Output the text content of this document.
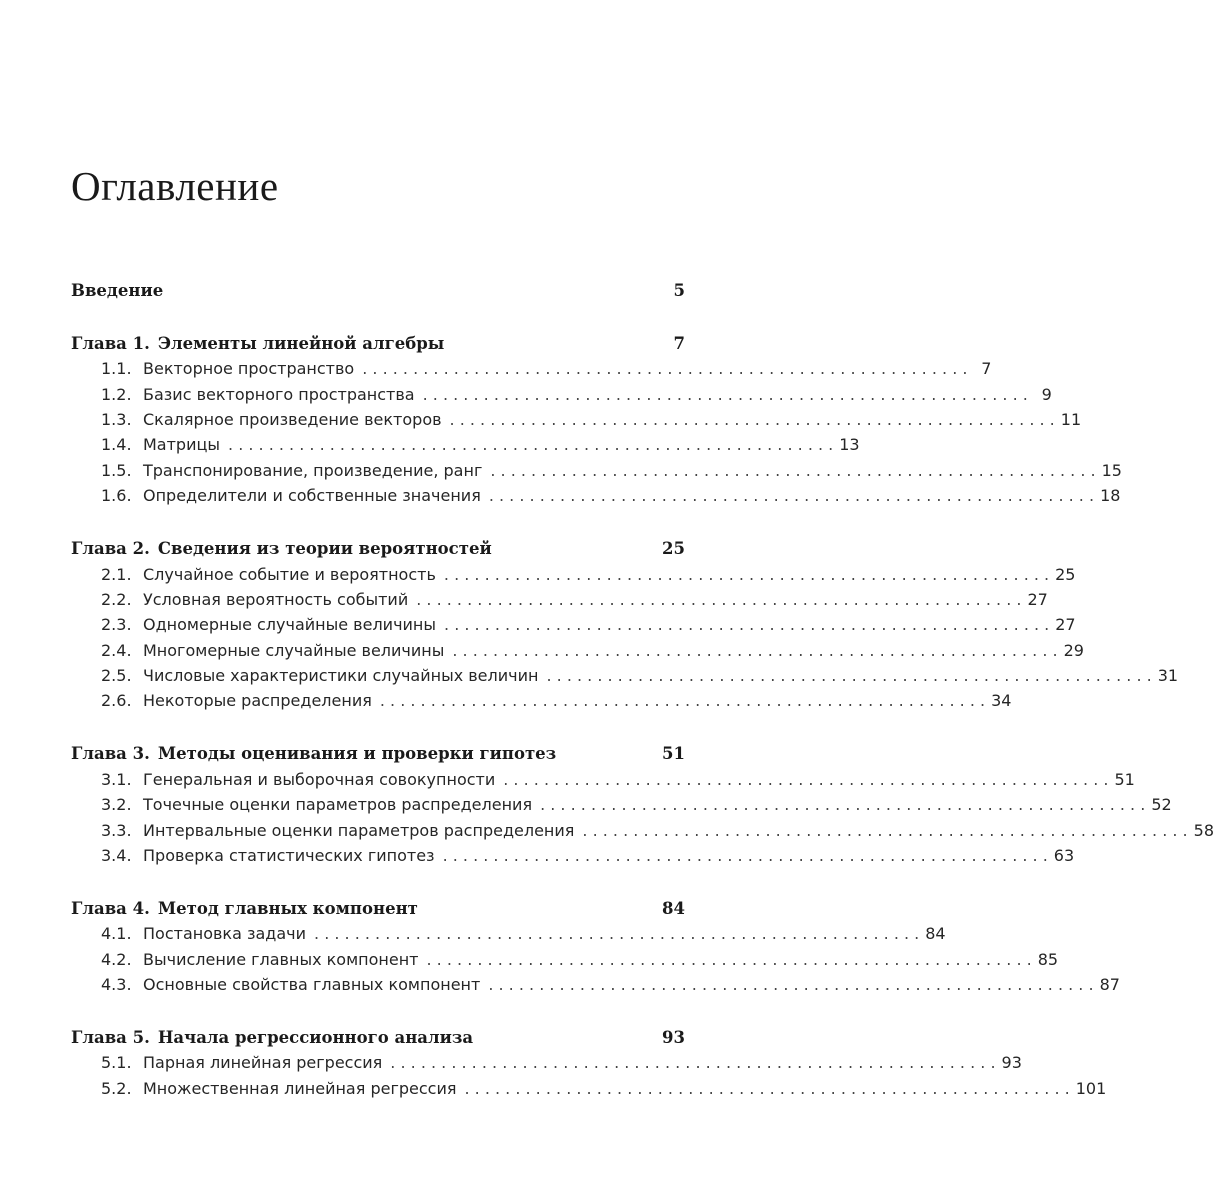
Оглавление
Введение	5
Глава 1. Элементы линейной алгебры	7
1.1. Векторное пространство . . . . . . . . . . . . . . . . . . . . . . . . . . . . . . . . . . . . . . . . . . . . . . . . . . . . . . . . . . . . 7
1.2. Базис векторного пространства . . . . . . . . . . . . . . . . . . . . . . . . . . . . . . . . . . . . . . . . . . . . . . . . . . . . . . . . . . . . 9
1.3. Скалярное произведение векторов . . . . . . . . . . . . . . . . . . . . . . . . . . . . . . . . . . . . . . . . . . . . . . . . . . . . . . . . . . . . 11
1.4. Матрицы . . . . . . . . . . . . . . . . . . . . . . . . . . . . . . . . . . . . . . . . . . . . . . . . . . . . . . . . . . . . 13
1.5. Транспонирование, произведение, ранг . . . . . . . . . . . . . . . . . . . . . . . . . . . . . . . . . . . . . . . . . . . . . . . . . . . . . . . . . . . . 15
1.6. Определители и собственные значения . . . . . . . . . . . . . . . . . . . . . . . . . . . . . . . . . . . . . . . . . . . . . . . . . . . . . . . . . . . . 18
Глава 2. Сведения из теории вероятностей	25
2.1. Случайное событие и вероятность . . . . . . . . . . . . . . . . . . . . . . . . . . . . . . . . . . . . . . . . . . . . . . . . . . . . . . . . . . . . 25
2.2. Условная вероятность событий . . . . . . . . . . . . . . . . . . . . . . . . . . . . . . . . . . . . . . . . . . . . . . . . . . . . . . . . . . . . 27
2.3. Одномерные случайные величины . . . . . . . . . . . . . . . . . . . . . . . . . . . . . . . . . . . . . . . . . . . . . . . . . . . . . . . . . . . . 27
2.4. Многомерные случайные величины . . . . . . . . . . . . . . . . . . . . . . . . . . . . . . . . . . . . . . . . . . . . . . . . . . . . . . . . . . . . 29
2.5. Числовые характеристики случайных величин . . . . . . . . . . . . . . . . . . . . . . . . . . . . . . . . . . . . . . . . . . . . . . . . . . . . . . . . . . . . 31
2.6. Некоторые распределения . . . . . . . . . . . . . . . . . . . . . . . . . . . . . . . . . . . . . . . . . . . . . . . . . . . . . . . . . . . . 34
Глава 3. Методы оценивания и проверки гипотез	51
3.1. Генеральная и выборочная совокупности . . . . . . . . . . . . . . . . . . . . . . . . . . . . . . . . . . . . . . . . . . . . . . . . . . . . . . . . . . . . 51
3.2. Точечные оценки параметров распределения . . . . . . . . . . . . . . . . . . . . . . . . . . . . . . . . . . . . . . . . . . . . . . . . . . . . . . . . . . . . 52
3.3. Интервальные оценки параметров распределения . . . . . . . . . . . . . . . . . . . . . . . . . . . . . . . . . . . . . . . . . . . . . . . . . . . . . . . . . . . . 58
3.4. Проверка статистических гипотез . . . . . . . . . . . . . . . . . . . . . . . . . . . . . . . . . . . . . . . . . . . . . . . . . . . . . . . . . . . . 63
Глава 4. Метод главных компонент	84
4.1. Постановка задачи . . . . . . . . . . . . . . . . . . . . . . . . . . . . . . . . . . . . . . . . . . . . . . . . . . . . . . . . . . . . 84
4.2. Вычисление главных компонент . . . . . . . . . . . . . . . . . . . . . . . . . . . . . . . . . . . . . . . . . . . . . . . . . . . . . . . . . . . . 85
4.3. Основные свойства главных компонент . . . . . . . . . . . . . . . . . . . . . . . . . . . . . . . . . . . . . . . . . . . . . . . . . . . . . . . . . . . . 87
Глава 5. Начала регрессионного анализа	93
5.1. Парная линейная регрессия . . . . . . . . . . . . . . . . . . . . . . . . . . . . . . . . . . . . . . . . . . . . . . . . . . . . . . . . . . . . 93
5.2. Множественная линейная регрессия . . . . . . . . . . . . . . . . . . . . . . . . . . . . . . . . . . . . . . . . . . . . . . . . . . . . . . . . . . . . 101
